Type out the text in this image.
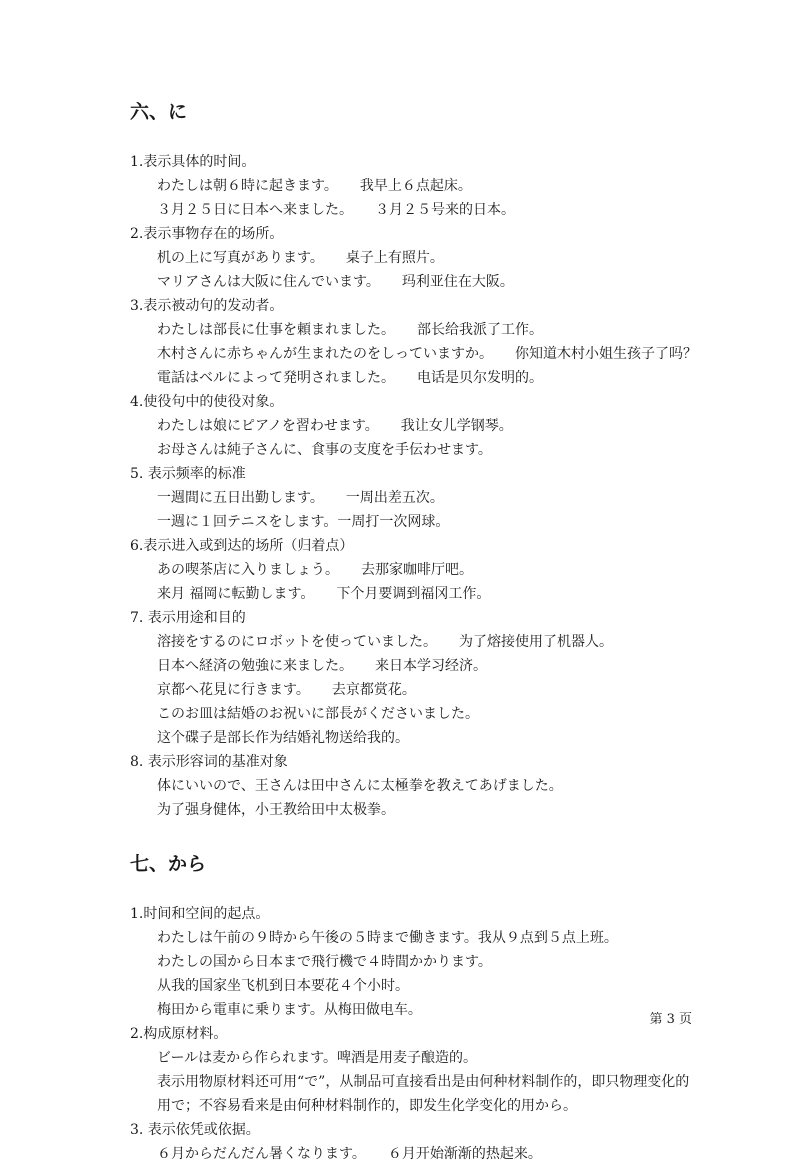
六、に
1.表示具体的时间。
わたしは朝６時に起きます。 我早上６点起床。
３月２５日に日本へ来ました。 ３月２５号来的日本。
2.表示事物存在的场所。
机の上に写真があります。 桌子上有照片。
マリアさんは大阪に住んでいます。 玛利亚住在大阪。
3.表示被动句的发动者。
わたしは部長に仕事を頼まれました。 部长给我派了工作。
木村さんに赤ちゃんが生まれたのをしっていますか。 你知道木村小姐生孩子了吗？
電話はベルによって発明されました。 电话是贝尔发明的。
4.使役句中的使役对象。
わたしは娘にピアノを習わせます。 我让女儿学钢琴。
お母さんは純子さんに、食事の支度を手伝わせます。
5. 表示频率的标准
一週間に五日出勤します。 一周出差五次。
一週に１回テニスをします。一周打一次网球。
6.表示进入或到达的场所（归着点）
あの喫茶店に入りましょう。 去那家咖啡厅吧。
来月 福岡に転勤します。 下个月要调到福冈工作。
7. 表示用途和目的
溶接をするのにロボットを使っていました。 为了熔接使用了机器人。
日本へ経済の勉強に来ました。 来日本学习经济。
京都へ花見に行きます。 去京都赏花。
このお皿は結婚のお祝いに部長がくださいました。
这个碟子是部长作为结婚礼物送给我的。
8. 表示形容词的基准对象
体にいいので、王さんは田中さんに太極拳を教えてあげました。
为了强身健体，小王教给田中太极拳。
七、から
1.时间和空间的起点。
わたしは午前の９時から午後の５時まで働きます。我从９点到５点上班。
わたしの国から日本まで飛行機で４時間かかります。
从我的国家坐飞机到日本要花４个小时。
梅田から電車に乗ります。从梅田做电车。
2.构成原材料。
ビールは麦から作られます。啤酒是用麦子酿造的。
表示用物原材料还可用“で”，从制品可直接看出是由何种材料制作的，即只物理变化的用で；不容易看来是由何种材料制作的，即发生化学变化的用から。
3. 表示依凭或依据。
６月からだんだん暑くなります。 ６月开始渐渐的热起来。
第 3 页
